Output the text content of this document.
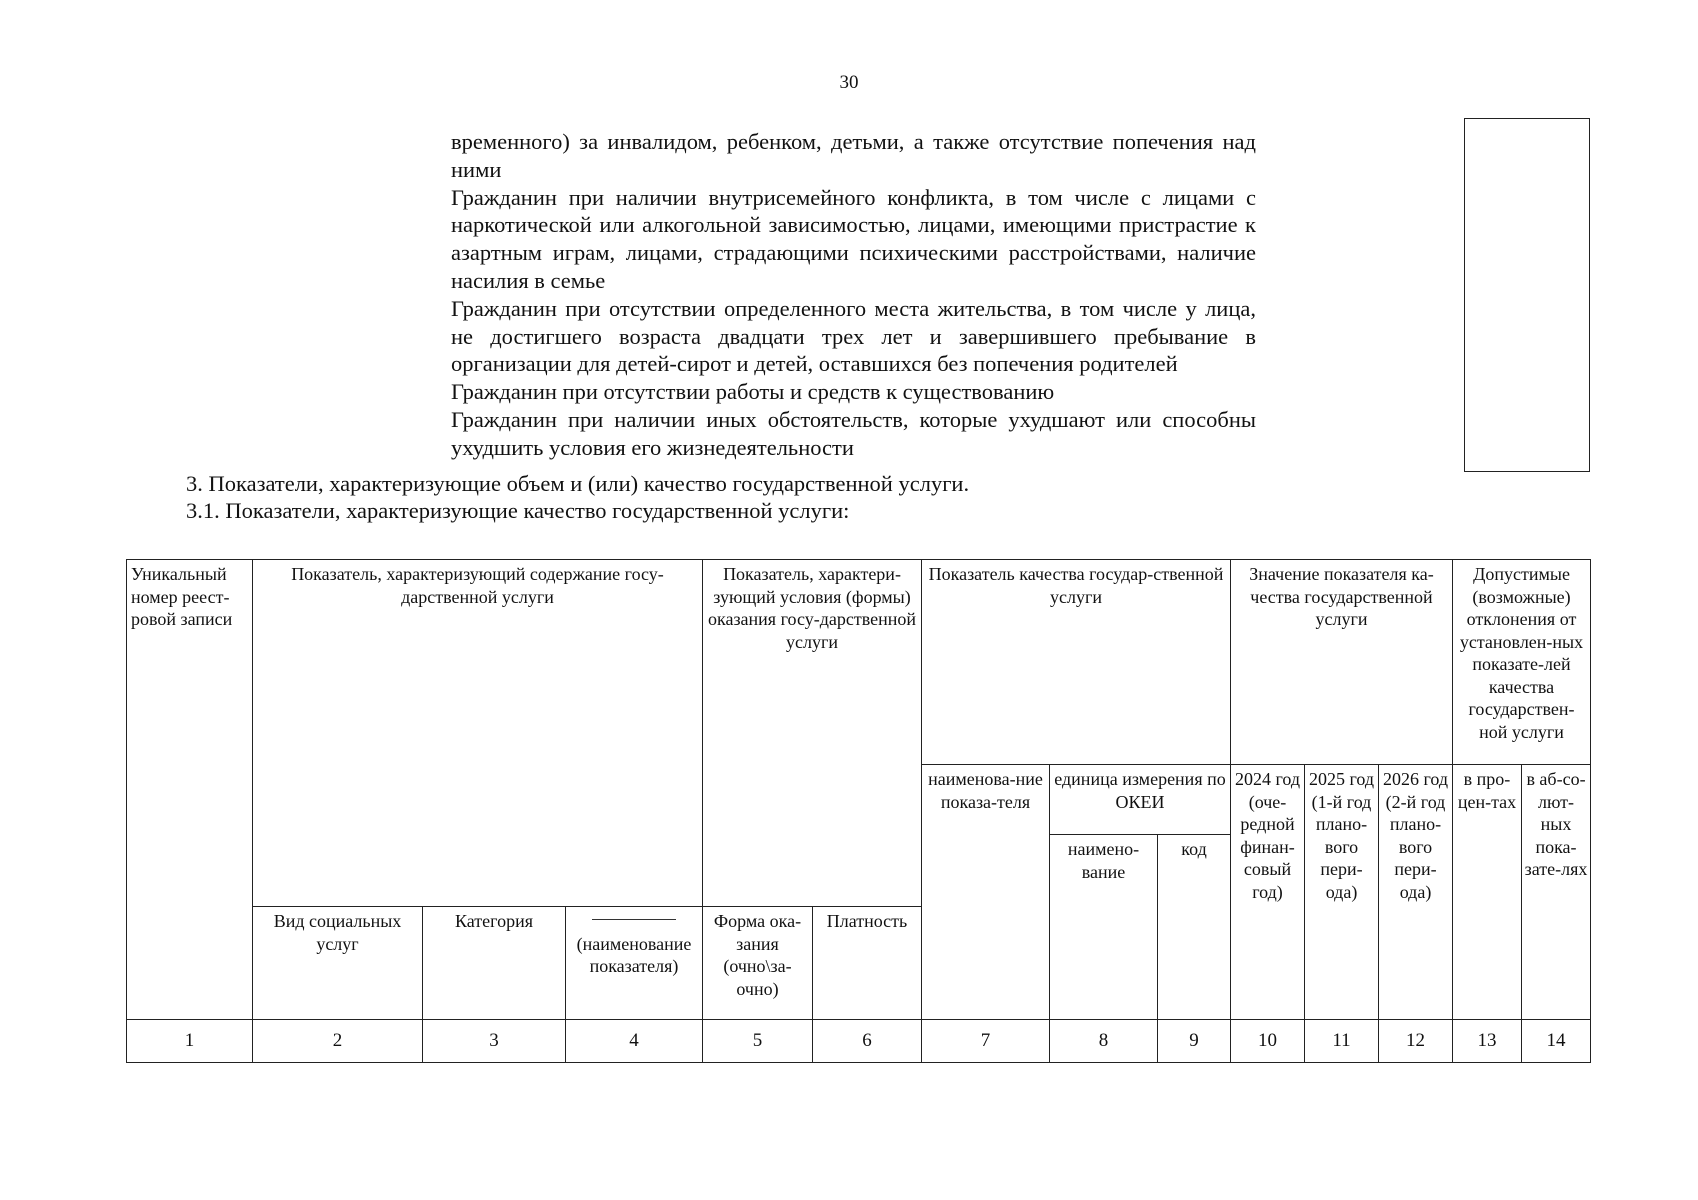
30
временного) за инвалидом, ребенком, детьми, а также отсутствие попечения над ними
Гражданин при наличии внутрисемейного конфликта, в том числе с лицами с наркотической или алкогольной зависимостью, лицами, имеющими пристрастие к азартным играм, лицами, страдающими психическими расстройствами, наличие насилия в семье
Гражданин при отсутствии определенного места жительства, в том числе у лица, не достигшего возраста двадцати трех лет и завершившего пребывание в организации для детей-сирот и детей, оставшихся без попечения родителей
Гражданин при отсутствии работы и средств к существованию
Гражданин при наличии иных обстоятельств, которые ухудшают или способны ухудшить условия его жизнедеятельности
3. Показатели, характеризующие объем и (или) качество государственной услуги.
3.1. Показатели, характеризующие качество государственной услуги:
Уникальный номер реест-ровой записи	Показатель, характеризующий содержание госу-дарственной услуги			Показатель, характери-зующий условия (формы) оказания госу-дарственной услуги		Показатель качества государ-ственной услуги			Значение показателя ка-чества государственной услуги			Допустимые (возможные) отклонения от установлен-ных показате-лей качества государствен-ной услуги	
						наименова-ние показа-теля	единица измерения по ОКЕИ		2024 год (оче-редной финан-совый год)	2025 год (1-й год плано-вого пери-ода)	2026 год (2-й год плано-вого пери-ода)	в про-цен-тах	в аб-со-лют-ных пока-зате-лях
							наимено-вание	код					
	Вид социальных услуг	Категория	(наименование показателя)	Форма ока-зания (очно\за-очно)	Платность								
1	2	3	4	5	6	7	8	9	10	11	12	13	14
